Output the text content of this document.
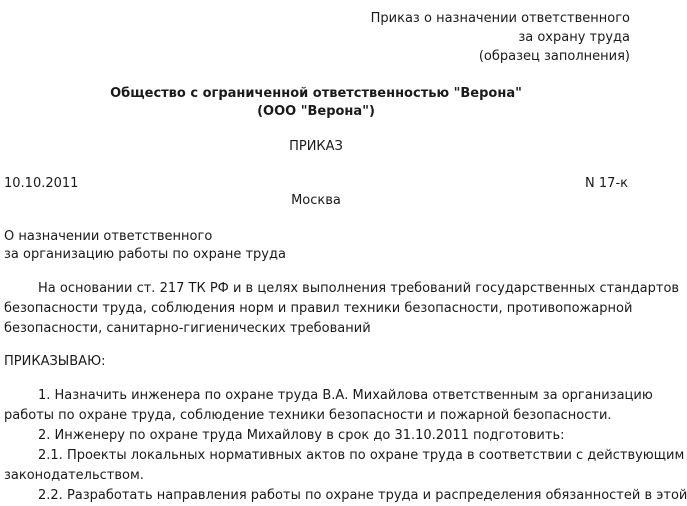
Приказ о назначении ответственного
за охрану труда
(образец заполнения)
Общество с ограниченной ответственностью "Верона"
(ООО "Верона")
ПРИКАЗ
10.10.2011	N 17-к
Москва
О назначении ответственного
за организацию работы по охране труда
На основании ст. 217 ТК РФ и в целях выполнения требований государственных стандартов
безопасности труда, соблюдения норм и правил техники безопасности, противопожарной
безопасности, санитарно-гигиенических требований
ПРИКАЗЫВАЮ:
1. Назначить инженера по охране труда В.А. Михайлова ответственным за организацию
работы по охране труда, соблюдение техники безопасности и пожарной безопасности.
2. Инженеру по охране труда Михайлову в срок до 31.10.2011 подготовить:
2.1. Проекты локальных нормативных актов по охране труда в соответствии с действующим
законодательством.
2.2. Разработать направления работы по охране труда и распределения обязанностей в этой
